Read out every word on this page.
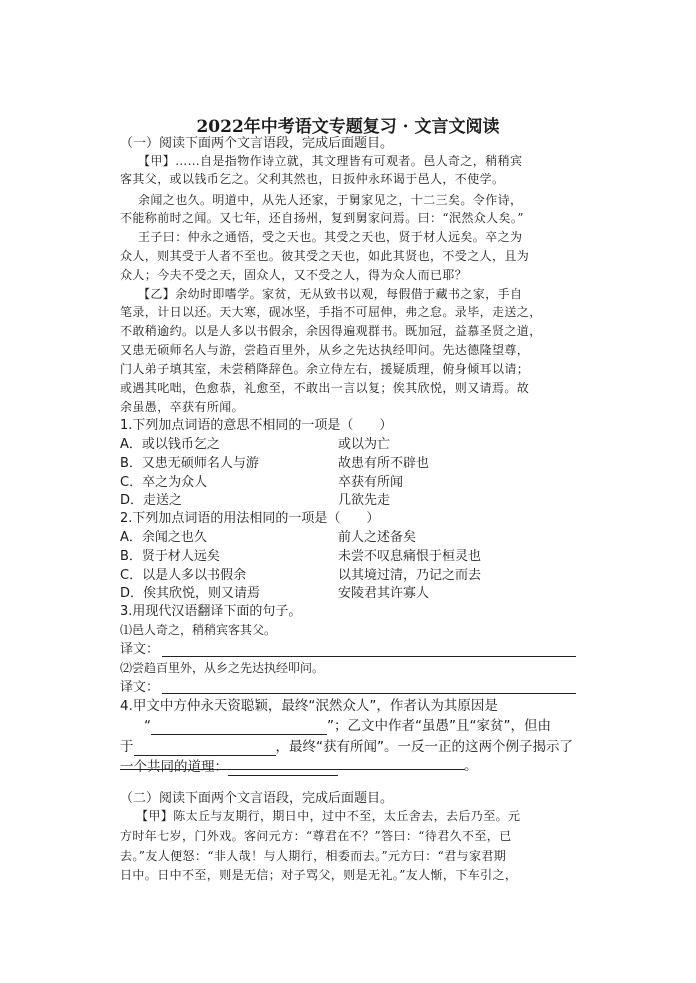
2022年中考语文专题复习 · 文言文阅读
（一）阅读下面两个文言语段，完成后面题目。
【甲】……自是指物作诗立就，其文理皆有可观者。邑人奇之，稍稍宾
客其父，或以钱币乞之。父利其然也，日扳仲永环谒于邑人，不使学。
余闻之也久。明道中，从先人还家，于舅家见之，十二三矣。令作诗，
不能称前时之闻。又七年，还自扬州，复到舅家问焉。曰：“泯然众人矣。”
王子曰：仲永之通悟，受之天也。其受之天也，贤于材人远矣。卒之为
众人，则其受于人者不至也。彼其受之天也，如此其贤也，不受之人，且为
众人；今夫不受之天，固众人，又不受之人，得为众人而已耶？
【乙】余幼时即嗜学。家贫，无从致书以观，每假借于藏书之家，手自
笔录，计日以还。天大寒，砚冰坚，手指不可屈伸，弗之怠。录毕，走送之，
不敢稍逾约。以是人多以书假余，余因得遍观群书。既加冠，益慕圣贤之道，
又患无硕师名人与游，尝趋百里外，从乡之先达执经叩问。先达德隆望尊，
门人弟子填其室，未尝稍降辞色。余立侍左右，援疑质理，俯身倾耳以请；
或遇其叱咄，色愈恭，礼愈至，不敢出一言以复；俟其欣悦，则又请焉。故
余虽愚，卒获有所闻。
1.下列加点词语的意思不相同的一项是（　　）
A．或以钱币乞之	或以为亡
B．又患无硕师名人与游	故患有所不辟也
C．卒之为众人	卒获有所闻
D．走送之	几欲先走
2.下列加点词语的用法相同的一项是（　　）
A．余闻之也久	前人之述备矣
B．贤于材人远矣	未尝不叹息痛恨于桓灵也
C．以是人多以书假余	以其境过清，乃记之而去
D．俟其欣悦，则又请焉	安陵君其许寡人
3.用现代汉语翻译下面的句子。
⑴邑人奇之，稍稍宾客其父。
译文：
⑵尝趋百里外，从乡之先达执经叩问。
译文：
4.甲文中方仲永天资聪颖，最终“泯然众人”，作者认为其原因是
“	”；乙文中作者“虽愚”且“家贫”，但由
于	，最终“获有所闻”。一反一正的这两个例子揭示了
一个共同的道理：	。
（二）阅读下面两个文言语段，完成后面题目。
【甲】陈太丘与友期行，期日中，过中不至，太丘舍去，去后乃至。元
方时年七岁，门外戏。客问元方：“尊君在不？”答曰：“待君久不至，已
去。”友人便怒：“非人哉！与人期行，相委而去。”元方曰：“君与家君期
日中。日中不至，则是无信；对子骂父，则是无礼。”友人惭，下车引之，
